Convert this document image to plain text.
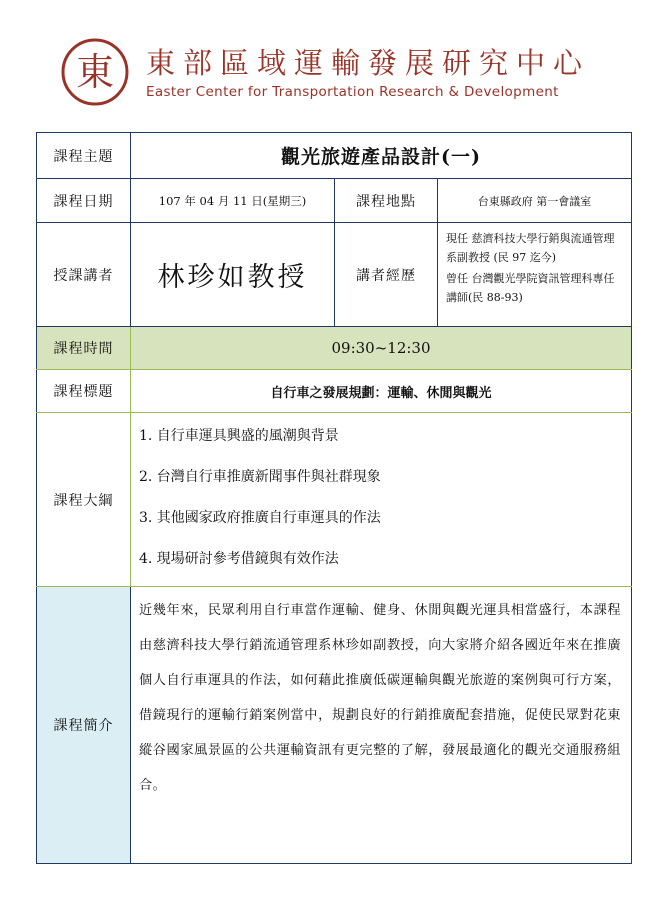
東 東部區域運輸發展研究中心
Easter Center for Transportation Research & Development
課程主題	觀光旅遊產品設計(一)		
課程日期	107 年 04 月 11 日(星期三)	課程地點	台東縣政府 第一會議室
授課講者	林珍如教授	講者經歷	現任 慈濟科技大學行銷與流通管理系副教授 (民 97 迄今)

曾任 台灣觀光學院資訊管理科專任講師(民 88-93)

課程時間	09:30~12:30		
課程標題	自行車之發展規劃：運輸、休閒與觀光		
課程大綱	1. 自行車運具興盛的風潮與背景
2. 台灣自行車推廣新聞事件與社群現象
3. 其他國家政府推廣自行車運具的作法
4. 現場研討參考借鏡與有效作法		

課程簡介	近幾年來，民眾利用自行車當作運輸、健身、休閒與觀光運具相當盛行，本課程由慈濟科技大學行銷流通管理系林珍如副教授，向大家將介紹各國近年來在推廣個人自行車運具的作法，如何藉此推廣低碳運輸與觀光旅遊的案例與可行方案，借鏡現行的運輸行銷案例當中，規劃良好的行銷推廣配套措施，促使民眾對花東縱谷國家風景區的公共運輸資訊有更完整的了解，發展最適化的觀光交通服務組合。		
